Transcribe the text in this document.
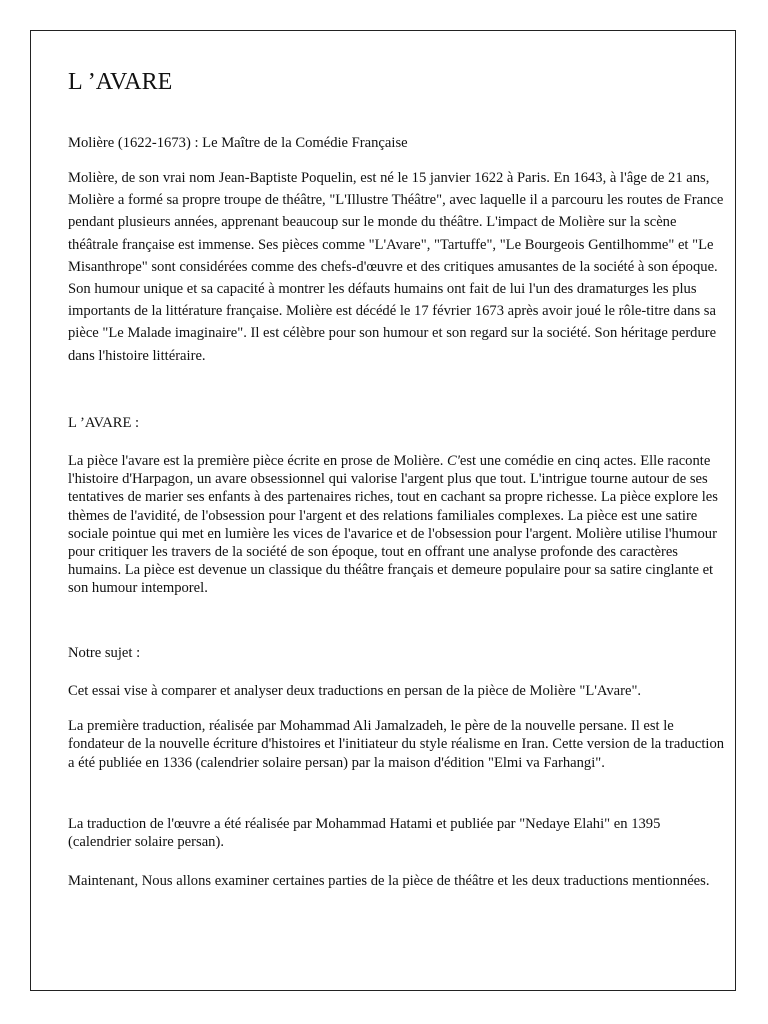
L ’AVARE

Molière (1622-1673) : Le Maître de la Comédie Française

Molière, de son vrai nom Jean-Baptiste Poquelin, est né le 15 janvier 1622 à Paris. En 1643, à l'âge de 21 ans, Molière a formé sa propre troupe de théâtre, "L'Illustre Théâtre", avec laquelle il a parcouru les routes de France pendant plusieurs années, apprenant beaucoup sur le monde du théâtre. L'impact de Molière sur la scène théâtrale française est immense. Ses pièces comme "L'Avare", "Tartuffe", "Le Bourgeois Gentilhomme" et "Le Misanthrope" sont considérées comme des chefs-d'œuvre et des critiques amusantes de la société à son époque. Son humour unique et sa capacité à montrer les défauts humains ont fait de lui l'un des dramaturges les plus importants de la littérature française. Molière est décédé le 17 février 1673 après avoir joué le rôle-titre dans sa pièce "Le Malade imaginaire". Il est célèbre pour son humour et son regard sur la société. Son héritage perdure dans l'histoire littéraire.

L ’AVARE :

La pièce l'avare est la première pièce écrite en prose de Molière. C'est une comédie en cinq actes. Elle raconte l'histoire d'Harpagon, un avare obsessionnel qui valorise l'argent plus que tout. L'intrigue tourne autour de ses tentatives de marier ses enfants à des partenaires riches, tout en cachant sa propre richesse. La pièce explore les thèmes de l'avidité, de l'obsession pour l'argent et des relations familiales complexes. La pièce est une satire sociale pointue qui met en lumière les vices de l'avarice et de l'obsession pour l'argent. Molière utilise l'humour pour critiquer les travers de la société de son époque, tout en offrant une analyse profonde des caractères humains. La pièce est devenue un classique du théâtre français et demeure populaire pour sa satire cinglante et son humour intemporel.

Notre sujet :

Cet essai vise à comparer et analyser deux traductions en persan de la pièce de Molière "L'Avare".

La première traduction, réalisée par Mohammad Ali Jamalzadeh, le père de la nouvelle persane. Il est le fondateur de la nouvelle écriture d'histoires et l'initiateur du style réalisme en Iran. Cette version de la traduction a été publiée en 1336 (calendrier solaire persan) par la maison d'édition "Elmi va Farhangi".

La traduction de l'œuvre a été réalisée par Mohammad Hatami et publiée par "Nedaye Elahi" en 1395 (calendrier solaire persan).

Maintenant, Nous allons examiner certaines parties de la pièce de théâtre et les deux traductions mentionnées.
